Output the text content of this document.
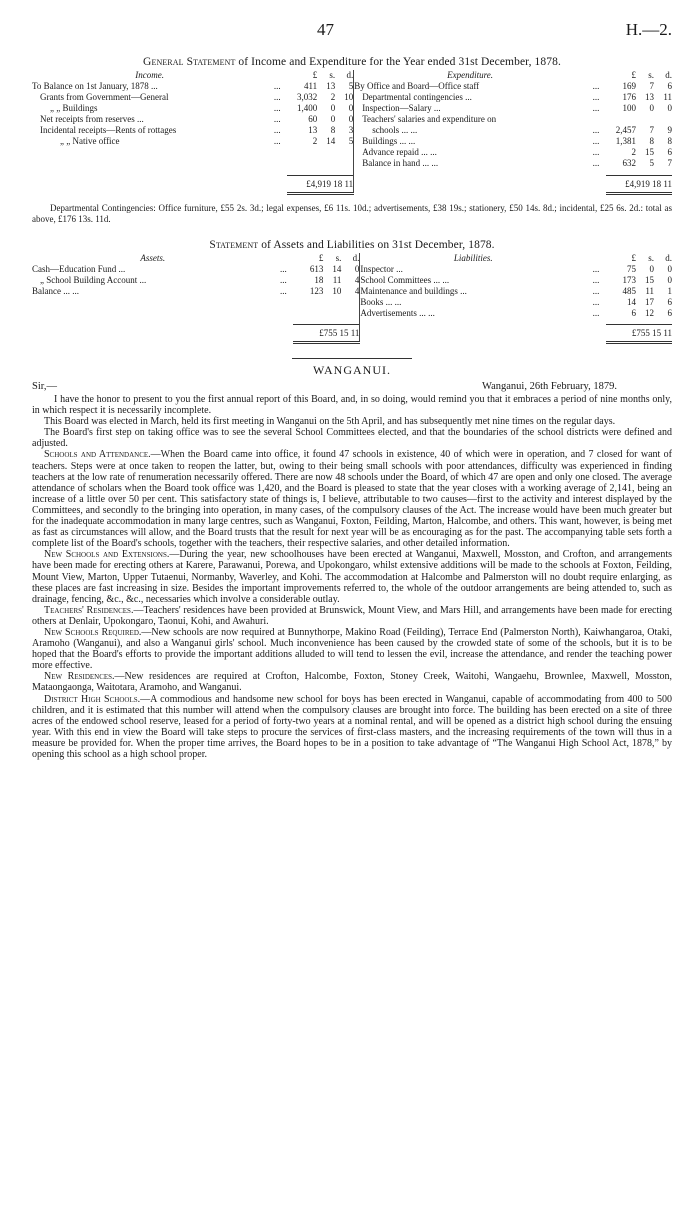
47	H.—2.
General Statement of Income and Expenditure for the Year ended 31st December, 1878.
Income.		£	s.	d.	Expenditure.		£	s.	d.
To Balance on 1st January, 1878 ...	...	411	13	5	By Office and Board—Office staff	...	169	7	6
Grants from Government—General	...	3,032	2	10	Departmental contingencies ...	...	176	13	11
„ „ Buildings	...	1,400	0	0	Inspection—Salary ...	...	100	0	0
Net receipts from reserves ...	...	60	0	0	Teachers' salaries and expenditure on				
Incidental receipts—Rents of rottages	...	13	8	3	schools ... ...	...	2,457	7	9
„ „ Native office	...	2	14	5	Buildings ... ...	...	1,381	8	8
					Advance repaid ... ...	...	2	15	6
					Balance in hand ... ...	...	632	5	7

		£4,919 18 11					£4,919 18 11		

Departmental Contingencies: Office furniture, £55 2s. 3d.; legal expenses, £6 11s. 10d.; advertisements, £38 19s.; stationery, £50 14s. 8d.; incidental, £25 6s. 2d.: total as above, £176 13s. 11d.

Statement of Assets and Liabilities on 31st December, 1878.
Assets.		£	s.	d.	Liabilities.		£	s.	d.
Cash—Education Fund ...	...	613	14	0	Inspector ...	...	75	0	0
„ School Building Account ...	...	18	11	4	School Committees ... ...	...	173	15	0
Balance ... ...	...	123	10	4	Maintenance and buildings ...	...	485	11	1
					Books ... ...	...	14	17	6
					Advertisements ... ...	...	6	12	6

		£755 15 11					£755 15 11		
WANGANUI.
Sir,—	Wanganui, 26th February, 1879.

I have the honor to present to you the first annual report of this Board, and, in so doing, would remind you that it embraces a period of nine months only, in which respect it is necessarily incomplete.

This Board was elected in March, held its first meeting in Wanganui on the 5th April, and has subsequently met nine times on the regular days.

The Board's first step on taking office was to see the several School Committees elected, and that the boundaries of the school districts were defined and adjusted.

Schools and Attendance.—When the Board came into office, it found 47 schools in existence, 40 of which were in operation, and 7 closed for want of teachers. Steps were at once taken to reopen the latter, but, owing to their being small schools with poor attendances, difficulty was experienced in finding teachers at the low rate of renumeration necessarily offered. There are now 48 schools under the Board, of which 47 are open and only one closed. The average attendance of scholars when the Board took office was 1,420, and the Board is pleased to state that the year closes with a working average of 2,141, being an increase of a little over 50 per cent. This satisfactory state of things is, I believe, attributable to two causes—first to the activity and interest displayed by the Committees, and secondly to the bringing into operation, in many cases, of the compulsory clauses of the Act. The increase would have been much greater but for the inadequate accommodation in many large centres, such as Wanganui, Foxton, Feilding, Marton, Halcombe, and others. This want, however, is being met as fast as circumstances will allow, and the Board trusts that the result for next year will be as encouraging as for the past. The accompanying table sets forth a complete list of the Board's schools, together with the teachers, their respective salaries, and other detailed information.

New Schools and Extensions.—During the year, new schoolhouses have been erected at Wanganui, Maxwell, Mosston, and Crofton, and arrangements have been made for erecting others at Karere, Parawanui, Porewa, and Upokongaro, whilst extensive additions will be made to the schools at Foxton, Feilding, Mount View, Marton, Upper Tutaenui, Normanby, Waverley, and Kohi. The accommodation at Halcombe and Palmerston will no doubt require enlarging, as these places are fast increasing in size. Besides the important improvements referred to, the whole of the outdoor arrangements are being attended to, such as drainage, fencing, &c., &c., necessaries which involve a considerable outlay.

Teachers' Residences.—Teachers' residences have been provided at Brunswick, Mount View, and Mars Hill, and arrangements have been made for erecting others at Denlair, Upokongaro, Taonui, Kohi, and Awahuri.

New Schools Required.—New schools are now required at Bunnythorpe, Makino Road (Feilding), Terrace End (Palmerston North), Kaiwhangaroa, Otaki, Aramoho (Wanganui), and also a Wanganui girls' school. Much inconvenience has been caused by the crowded state of some of the schools, but it is to be hoped that the Board's efforts to provide the important additions alluded to will tend to lessen the evil, increase the attendance, and render the teaching power more effective.

New Residences.—New residences are required at Crofton, Halcombe, Foxton, Stoney Creek, Waitohi, Wangaehu, Brownlee, Maxwell, Mosston, Mataongaonga, Waitotara, Aramoho, and Wanganui.

District High Schools.—A commodious and handsome new school for boys has been erected in Wanganui, capable of accommodating from 400 to 500 children, and it is estimated that this number will attend when the compulsory clauses are brought into force. The building has been erected on a site of three acres of the endowed school reserve, leased for a period of forty-two years at a nominal rental, and will be opened as a district high school during the ensuing year. With this end in view the Board will take steps to procure the services of first-class masters, and the increasing requirements of the town will thus in a measure be provided for. When the proper time arrives, the Board hopes to be in a position to take advantage of “The Wanganui High School Act, 1878,” by opening this school as a high school proper.
